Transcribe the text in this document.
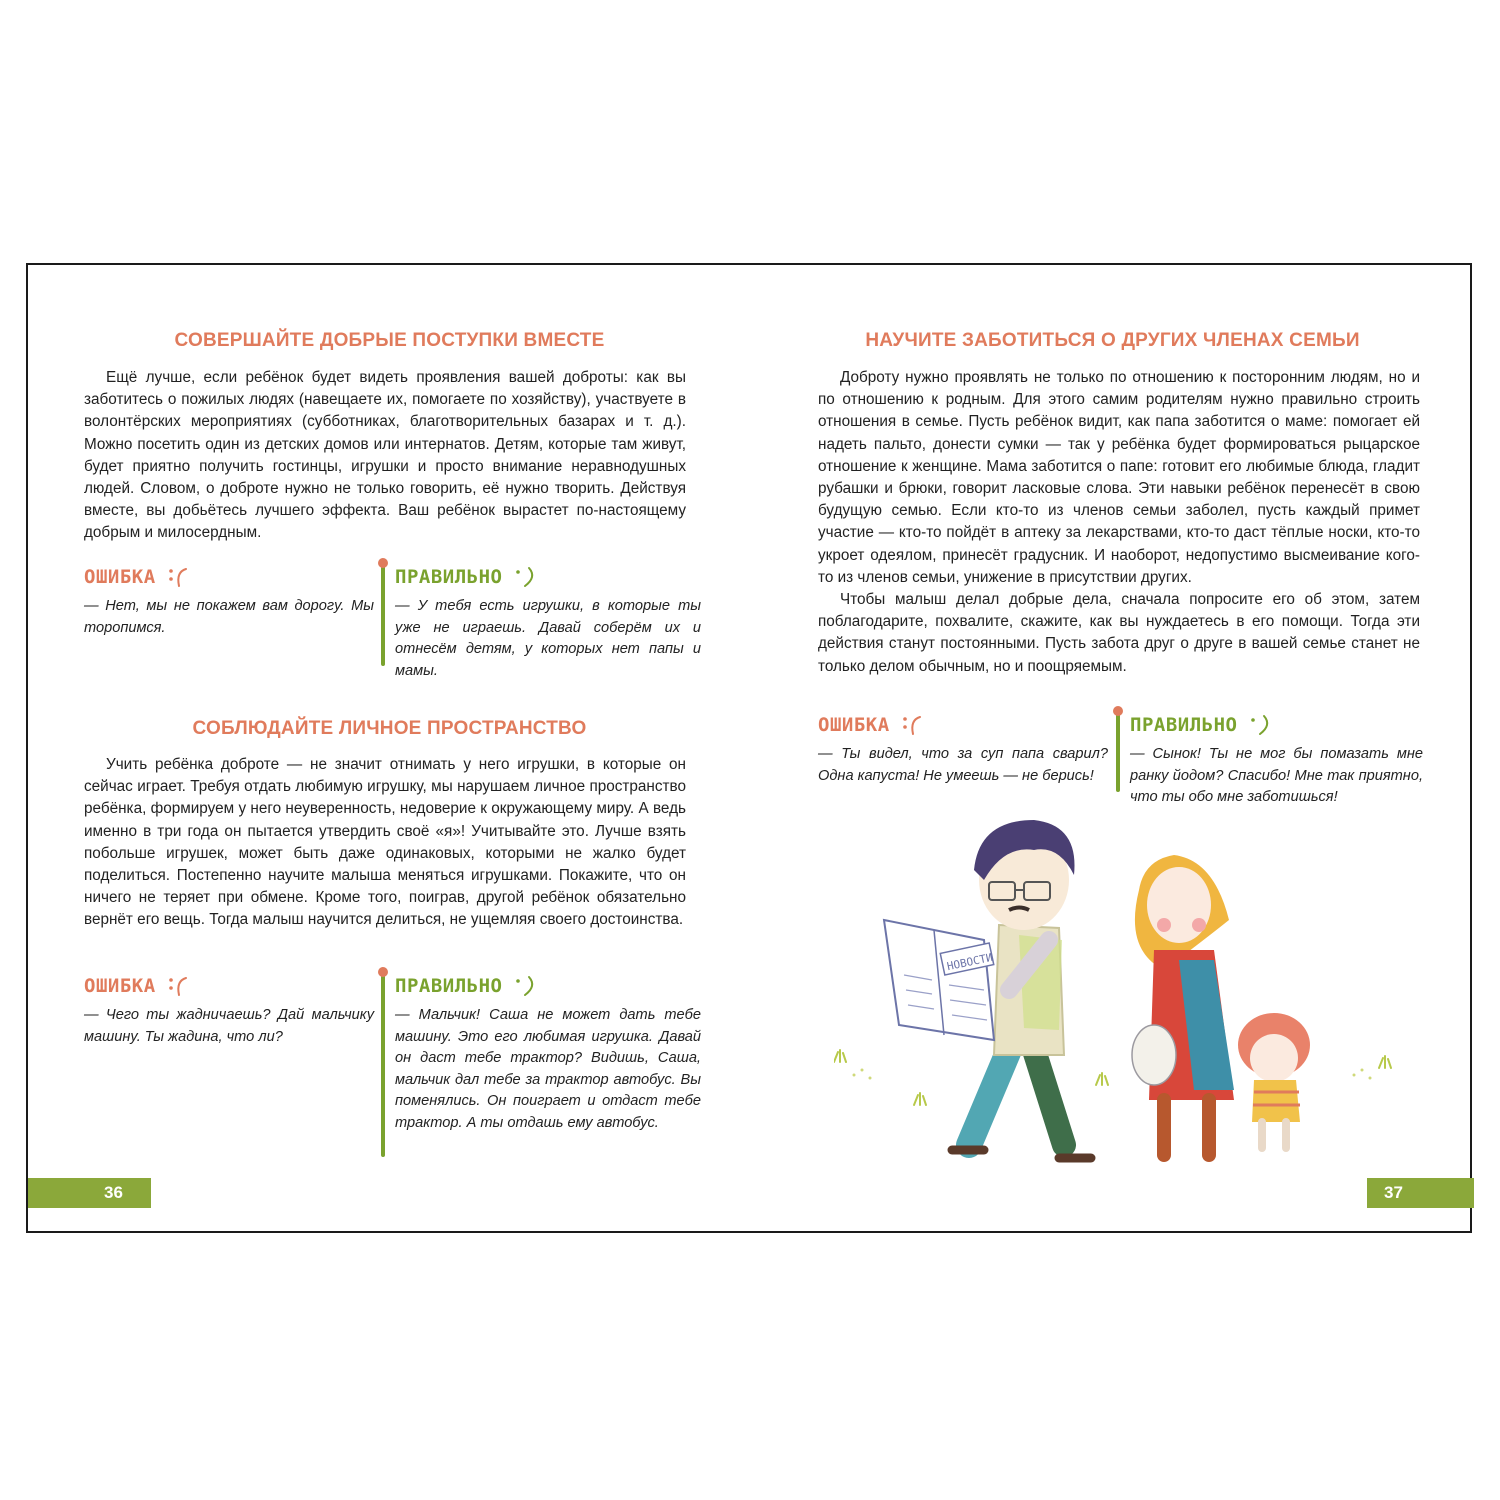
СОВЕРШАЙТЕ ДОБРЫЕ ПОСТУПКИ ВМЕСТЕ

Ещё лучше, если ребёнок будет видеть проявления вашей доброты: как вы заботитесь о пожилых людях (навещаете их, помогаете по хозяйству), участвуете в волонтёрских мероприятиях (субботниках, благотворительных базарах и т. д.). Можно посетить один из детских домов или интернатов. Детям, которые там живут, будет приятно получить гостинцы, игрушки и просто внимание неравнодушных людей. Словом, о доброте нужно не только говорить, её нужно творить. Действуя вместе, вы добьётесь лучшего эффекта. Ваш ребёнок вырастет по-настоящему добрым и милосердным.

ОШИБКА

— Нет, мы не покажем вам дорогу. Мы торопимся.

ПРАВИЛЬНО

— У тебя есть игрушки, в которые ты уже не играешь. Давай соберём их и отнесём детям, у которых нет папы и мамы.

СОБЛЮДАЙТЕ ЛИЧНОЕ ПРОСТРАНСТВО

Учить ребёнка доброте — не значит отнимать у него игрушки, в которые он сейчас играет. Требуя отдать любимую игрушку, мы нарушаем личное пространство ребёнка, формируем у него неуверенность, недоверие к окружающему миру. А ведь именно в три года он пытается утвердить своё «я»! Учитывайте это. Лучше взять побольше игрушек, может быть даже одинаковых, которыми не жалко будет поделиться. Постепенно научите малыша меняться игрушками. Покажите, что он ничего не теряет при обмене. Кроме того, поиграв, другой ребёнок обязательно вернёт его вещь. Тогда малыш научится делиться, не ущемляя своего достоинства.

ОШИБКА

— Чего ты жадничаешь? Дай мальчику машину. Ты жадина, что ли?

ПРАВИЛЬНО

— Мальчик! Саша не может дать тебе машину. Это его любимая игрушка. Давай он даст тебе трактор? Видишь, Саша, мальчик дал тебе за трактор автобус. Вы поменялись. Он поиграет и отдаст тебе трактор. А ты отдашь ему автобус.

36
НАУЧИТЕ ЗАБОТИТЬСЯ О ДРУГИХ ЧЛЕНАХ СЕМЬИ

Доброту нужно проявлять не только по отношению к посторонним людям, но и по отношению к родным. Для этого самим родителям нужно правильно строить отношения в семье. Пусть ребёнок видит, как папа заботится о маме: помогает ей надеть пальто, донести сумки — так у ребёнка будет формироваться рыцарское отношение к женщине. Мама заботится о папе: готовит его любимые блюда, гладит рубашки и брюки, говорит ласковые слова. Эти навыки ребёнок перенесёт в свою будущую семью. Если кто-то из членов семьи заболел, пусть каждый примет участие — кто-то пойдёт в аптеку за лекарствами, кто-то даст тёплые носки, кто-то укроет одеялом, принесёт градусник. И наоборот, недопустимо высмеивание кого-то из членов семьи, унижение в присутствии других.

Чтобы малыш делал добрые дела, сначала попросите его об этом, затем поблагодарите, похвалите, скажите, как вы нуждаетесь в его помощи. Тогда эти действия станут постоянными. Пусть забота друг о друге в вашей семье станет не только делом обычным, но и поощряемым.

ОШИБКА

— Ты видел, что за суп папа сварил? Одна капуста! Не умеешь — не берись!

ПРАВИЛЬНО

— Сынок! Ты не мог бы помазать мне ранку йодом? Спасибо! Мне так приятно, что ты обо мне заботишься!

37
НОВОСТИ
